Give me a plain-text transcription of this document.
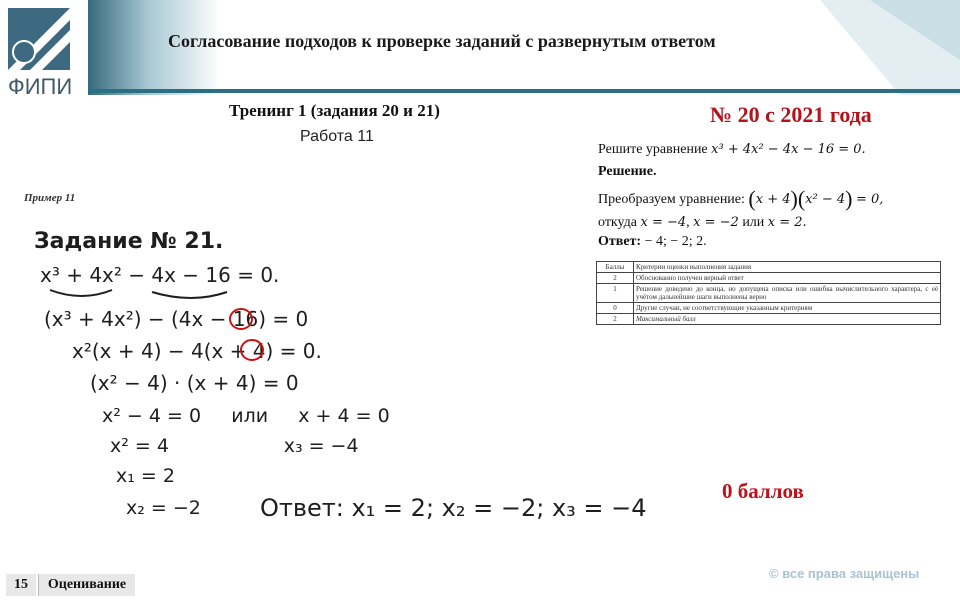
ФИПИ
Согласование подходов к проверке заданий с развернутым ответом
Тренинг 1 (задания 20 и 21)
Работа 11
Пример 11
Задание № 21.
x³ + 4x² − 4x − 16 = 0.
(x³ + 4x²) − (4x − 16) = 0
x²(x + 4) − 4(x + 4) = 0.
(x² − 4) · (x + 4) = 0
x² − 4 = 0     или     x + 4 = 0
x² = 4                   x₃ = −4
x₁ = 2
x₂ = −2 Ответ: x₁ = 2; x₂ = −2; x₃ = −4
№ 20 с 2021 года
Решите уравнение x³ + 4x² − 4x − 16 = 0.
Решение.
Преобразуем уравнение: (x + 4)(x² − 4) = 0,
откуда x = −4, x = −2 или x = 2.
Ответ: − 4; − 2; 2.
Баллы	Критерии оценки выполнения задания
2	Обоснованно получен верный ответ
1	Решение доведено до конца, но допущена описка или ошибка вычислительного характера, с её учётом дальнейшие шаги выполнены верно
0	Другие случаи, не соответствующие указанным критериям
2	Максимальный балл
0 баллов
© все права защищены
15	Оценивание
